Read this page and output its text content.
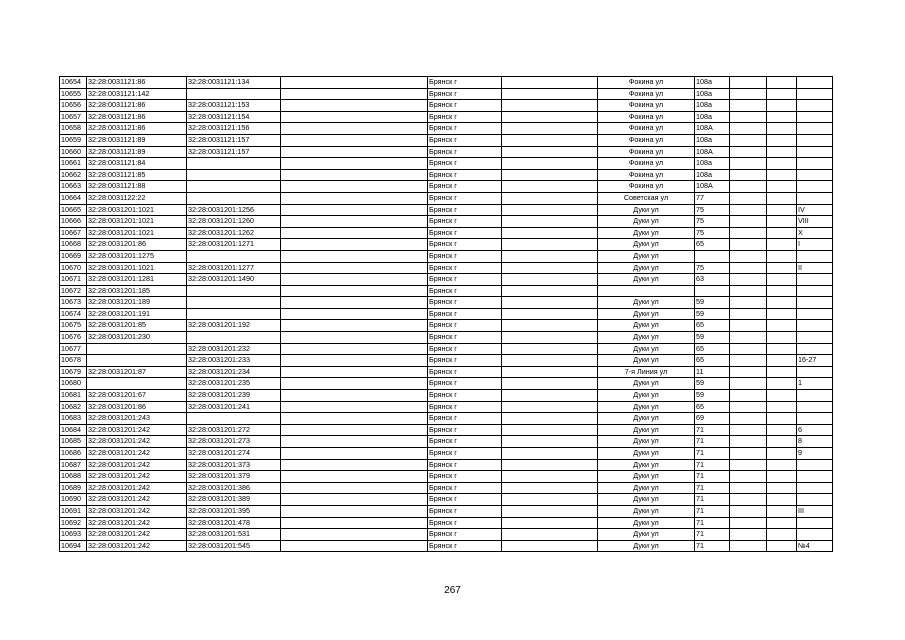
10654	32:28:0031121:86	32:28:0031121:134		Брянск г		Фокина ул	108а			
10655	32:28:0031121:142			Брянск г		Фокина ул	108а			
10656	32:28:0031121:86	32:28:0031121:153		Брянск г		Фокина ул	108а			
10657	32:28:0031121:86	32:28:0031121:154		Брянск г		Фокина ул	108а			
10658	32:28:0031121:86	32:28:0031121:156		Брянск г		Фокина ул	108А			
10659	32:28:0031121:89	32:28:0031121:157		Брянск г		Фокина ул	108а			
10660	32:28:0031121:89	32:28:0031121:157		Брянск г		Фокина ул	108А			
10661	32:28:0031121:84			Брянск г		Фокина ул	108а			
10662	32:28:0031121:85			Брянск г		Фокина ул	108а			
10663	32:28:0031121:88			Брянск г		Фокина ул	108А			
10664	32:28:0031122:22			Брянск г		Советская ул	77			
10665	32:28:0031201:1021	32:28:0031201:1256		Брянск г		Дуки ул	75			IV
10666	32:28:0031201:1021	32:28:0031201:1260		Брянск г		Дуки ул	75			VIII
10667	32:28:0031201:1021	32:28:0031201:1262		Брянск г		Дуки ул	75			X
10668	32:28:0031201:86	32:28:0031201:1271		Брянск г		Дуки ул	65			I
10669	32:28:0031201:1275			Брянск г		Дуки ул				
10670	32:28:0031201:1021	32:28:0031201:1277		Брянск г		Дуки ул	75			II
10671	32:28:0031201:1281	32:28:0031201:1490		Брянск г		Дуки ул	63			
10672	32:28:0031201:185			Брянск г						
10673	32:28:0031201:189			Брянск г		Дуки ул	59			
10674	32:28:0031201:191			Брянск г		Дуки ул	59			
10675	32:28:0031201:85	32:28:0031201:192		Брянск г		Дуки ул	65			
10676	32:28:0031201:230			Брянск г		Дуки ул	59			
10677		32:28:0031201:232		Брянск г		Дуки ул	65			
10678		32:28:0031201:233		Брянск г		Дуки ул	65			16-27
10679	32:28:0031201:87	32:28:0031201:234		Брянск г		7-я Линия ул	11			
10680		32:28:0031201:235		Брянск г		Дуки ул	59			1
10681	32:28:0031201:67	32:28:0031201:239		Брянск г		Дуки ул	59			
10682	32:28:0031201:86	32:28:0031201:241		Брянск г		Дуки ул	65			
10683	32:28:0031201:243			Брянск г		Дуки ул	69			
10684	32:28:0031201:242	32:28:0031201:272		Брянск г		Дуки ул	71			6
10685	32:28:0031201:242	32:28:0031201:273		Брянск г		Дуки ул	71			8
10686	32:28:0031201:242	32:28:0031201:274		Брянск г		Дуки ул	71			9
10687	32:28:0031201:242	32:28:0031201:373		Брянск г		Дуки ул	71			
10688	32:28:0031201:242	32:28:0031201:379		Брянск г		Дуки ул	71			
10689	32:28:0031201:242	32:28:0031201:386		Брянск г		Дуки ул	71			
10690	32:28:0031201:242	32:28:0031201:389		Брянск г		Дуки ул	71			
10691	32:28:0031201:242	32:28:0031201:395		Брянск г		Дуки ул	71			III
10692	32:28:0031201:242	32:28:0031201:478		Брянск г		Дуки ул	71			
10693	32:28:0031201:242	32:28:0031201:531		Брянск г		Дуки ул	71			
10694	32:28:0031201:242	32:28:0031201:545		Брянск г		Дуки ул	71			№4
267
